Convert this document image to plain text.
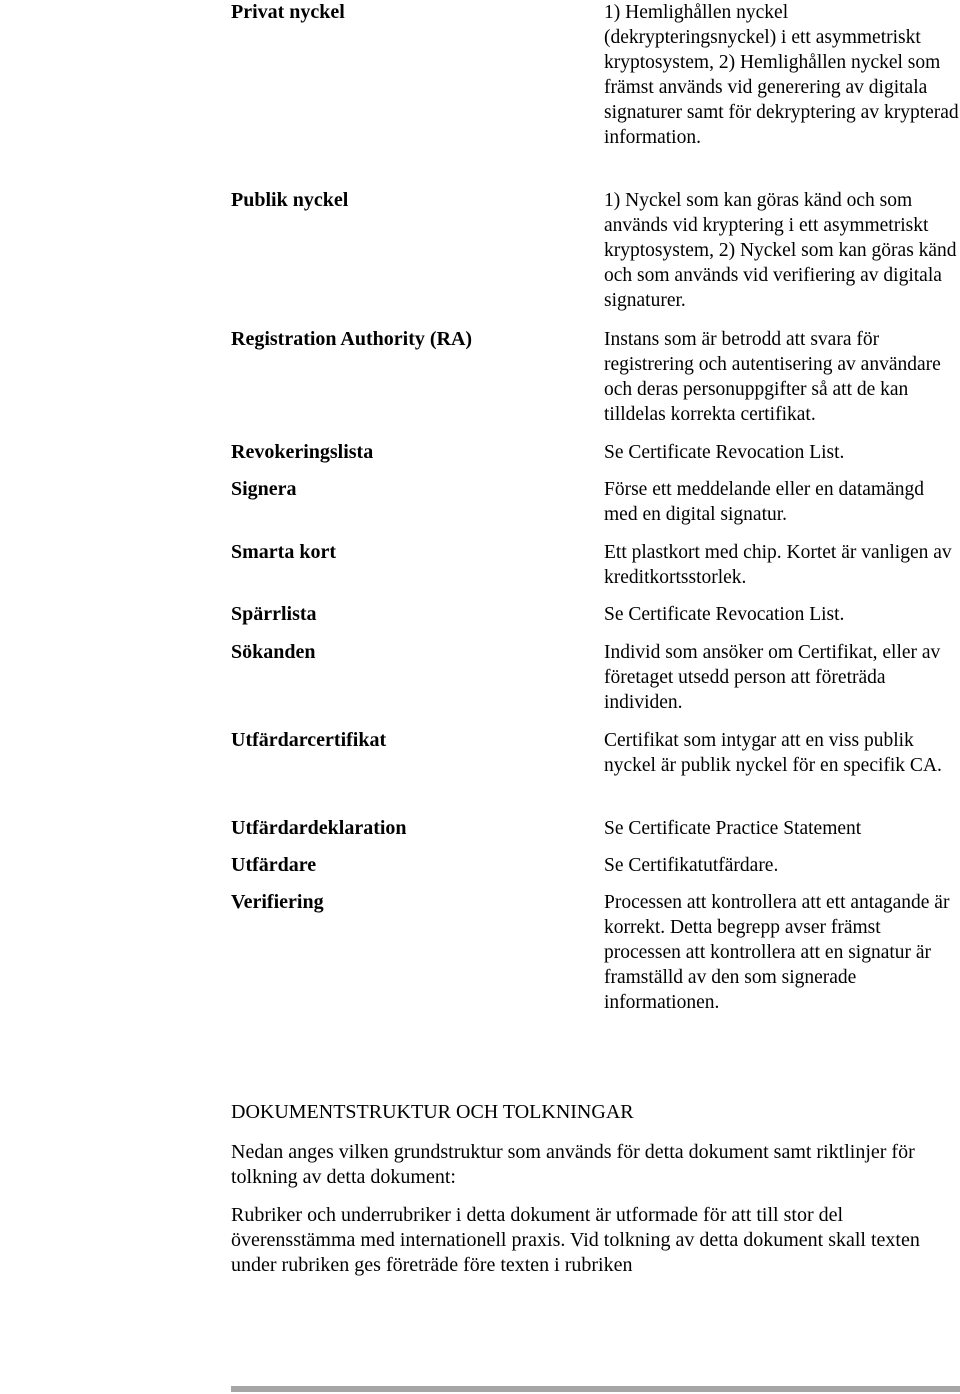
Privat nyckel	1) Hemlighållen nyckel (dekrypteringsnyckel) i ett asymmetriskt kryptosystem, 2) Hemlighållen nyckel som främst används vid generering av digitala signaturer samt för dekryptering av krypterad information.
Publik nyckel	1) Nyckel som kan göras känd och som används vid kryptering i ett asymmetriskt kryptosystem, 2) Nyckel som kan göras känd och som används vid verifiering av digitala signaturer.
Registration Authority (RA)	Instans som är betrodd att svara för registrering och autentisering av användare och deras personuppgifter så att de kan tilldelas korrekta certifikat.
Revokeringslista	Se Certificate Revocation List.
Signera	Förse ett meddelande eller en datamängd med en digital signatur.
Smarta kort	Ett plastkort med chip. Kortet är vanligen av kreditkortsstorlek.
Spärrlista	Se Certificate Revocation List.
Sökanden	Individ som ansöker om Certifikat, eller av företaget utsedd person att företräda individen.
Utfärdarcertifikat	Certifikat som intygar att en viss publik nyckel är publik nyckel för en specifik CA.
Utfärdardeklaration	Se Certificate Practice Statement
Utfärdare	Se Certifikatutfärdare.
Verifiering	Processen att kontrollera att ett antagande är korrekt. Detta begrepp avser främst processen att kontrollera att en signatur är framställd av den som signerade informationen.
DOKUMENTSTRUKTUR OCH TOLKNINGAR
Nedan anges vilken grundstruktur som används för detta dokument samt riktlinjer för tolkning av detta dokument:
Rubriker och underrubriker i detta dokument är utformade för att till stor del överensstämma med internationell praxis. Vid tolkning av detta dokument skall texten under rubriken ges företräde före texten i rubriken
